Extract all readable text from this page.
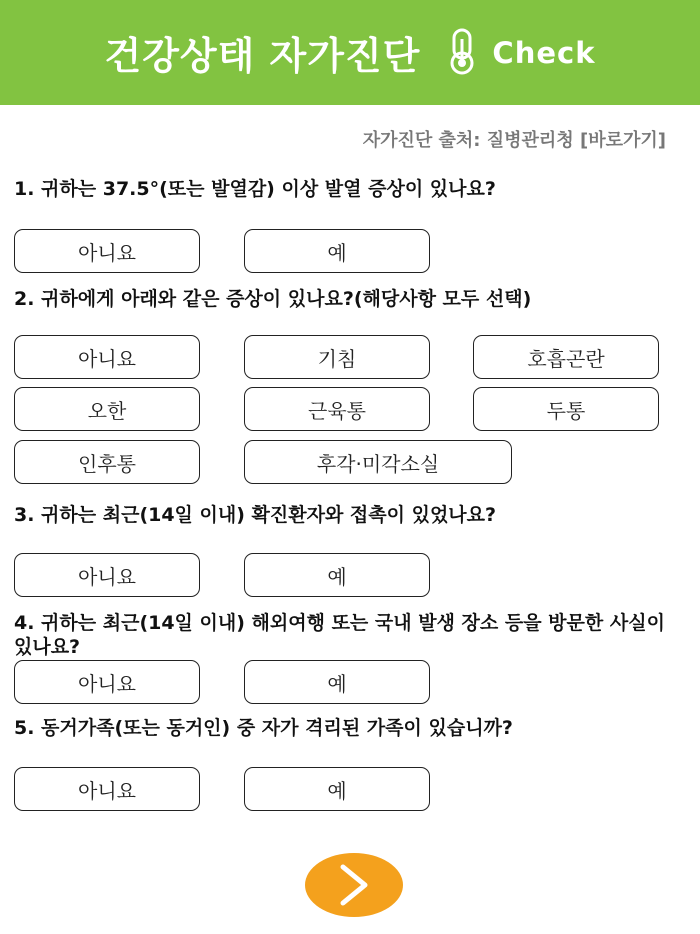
건강상태 자가진단 Check
자가진단 출처: 질병관리청 [바로가기]
1. 귀하는 37.5°(또는 발열감) 이상 발열 증상이 있나요?
아니요	예
2. 귀하에게 아래와 같은 증상이 있나요?(해당사항 모두 선택)
아니요	기침	호흡곤란
오한	근육통	두통
인후통	후각·미각소실
3. 귀하는 최근(14일 이내) 확진환자와 접촉이 있었나요?
아니요	예
4. 귀하는 최근(14일 이내) 해외여행 또는 국내 발생 장소 등을 방문한 사실이 있나요?
아니요	예
5. 동거가족(또는 동거인) 중 자가 격리된 가족이 있습니까?
아니요	예
